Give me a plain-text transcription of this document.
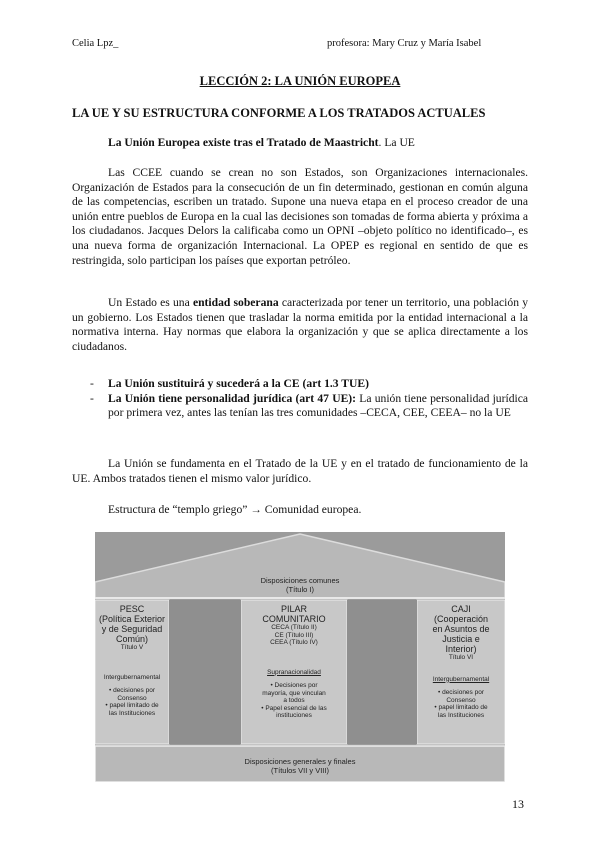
Celia Lpz_	profesora: Mary Cruz y María Isabel
LECCIÓN 2: LA UNIÓN EUROPEA
LA UE Y SU ESTRUCTURA CONFORME A LOS TRATADOS ACTUALES

La Unión Europea existe tras el Tratado de Maastricht. La UE

Las CCEE cuando se crean no son Estados, son Organizaciones internacionales. Organización de Estados para la consecución de un fin determinado, gestionan en común alguna de las competencias, escriben un tratado. Supone una nueva etapa en el proceso creador de una unión entre pueblos de Europa en la cual las decisiones son tomadas de forma abierta y próxima a los ciudadanos. Jacques Delors la calificaba como un OPNI –objeto político no identificado–, es una nueva forma de organización Internacional. La OPEP es regional en sentido de que es restringida, solo participan los países que exportan petróleo.

Un Estado es una entidad soberana caracterizada por tener un territorio, una población y un gobierno. Los Estados tienen que trasladar la norma emitida por la entidad internacional a la normativa interna. Hay normas que elabora la organización y que se aplica directamente a los ciudadanos.

- La Unión sustituirá y sucederá a la CE (art 1.3 TUE)
- La Unión tiene personalidad jurídica (art 47 UE): La unión tiene personalidad jurídica por primera vez, antes las tenían las tres comunidades –CECA, CEE, CEEA– no la UE

La Unión se fundamenta en el Tratado de la UE y en el tratado de funcionamiento de la UE. Ambos tratados tienen el mismo valor jurídico.

Estructura de “templo griego” → Comunidad europea.

Disposiciones comunes
(Título I)
PESC
(Política Exterior
y de Seguridad
Común)
Título V
Intergubernamental
• decisiones por
Consenso
• papel limitado de
las Instituciones
PILAR
COMUNITARIO
CECA (Título II)
CE (Título III)
CEEA (Título IV)
Supranacionalidad
• Decisiones por
mayoría, que vinculan
a todos
• Papel esencial de las
instituciones
CAJI
(Cooperación
en Asuntos de
Justicia e
Interior)
Título VI
Intergubernamental
• decisiones por
Consenso
• papel limitado de
las Instituciones
Disposiciones generales y finales
(Títulos VII y VIII)
13
